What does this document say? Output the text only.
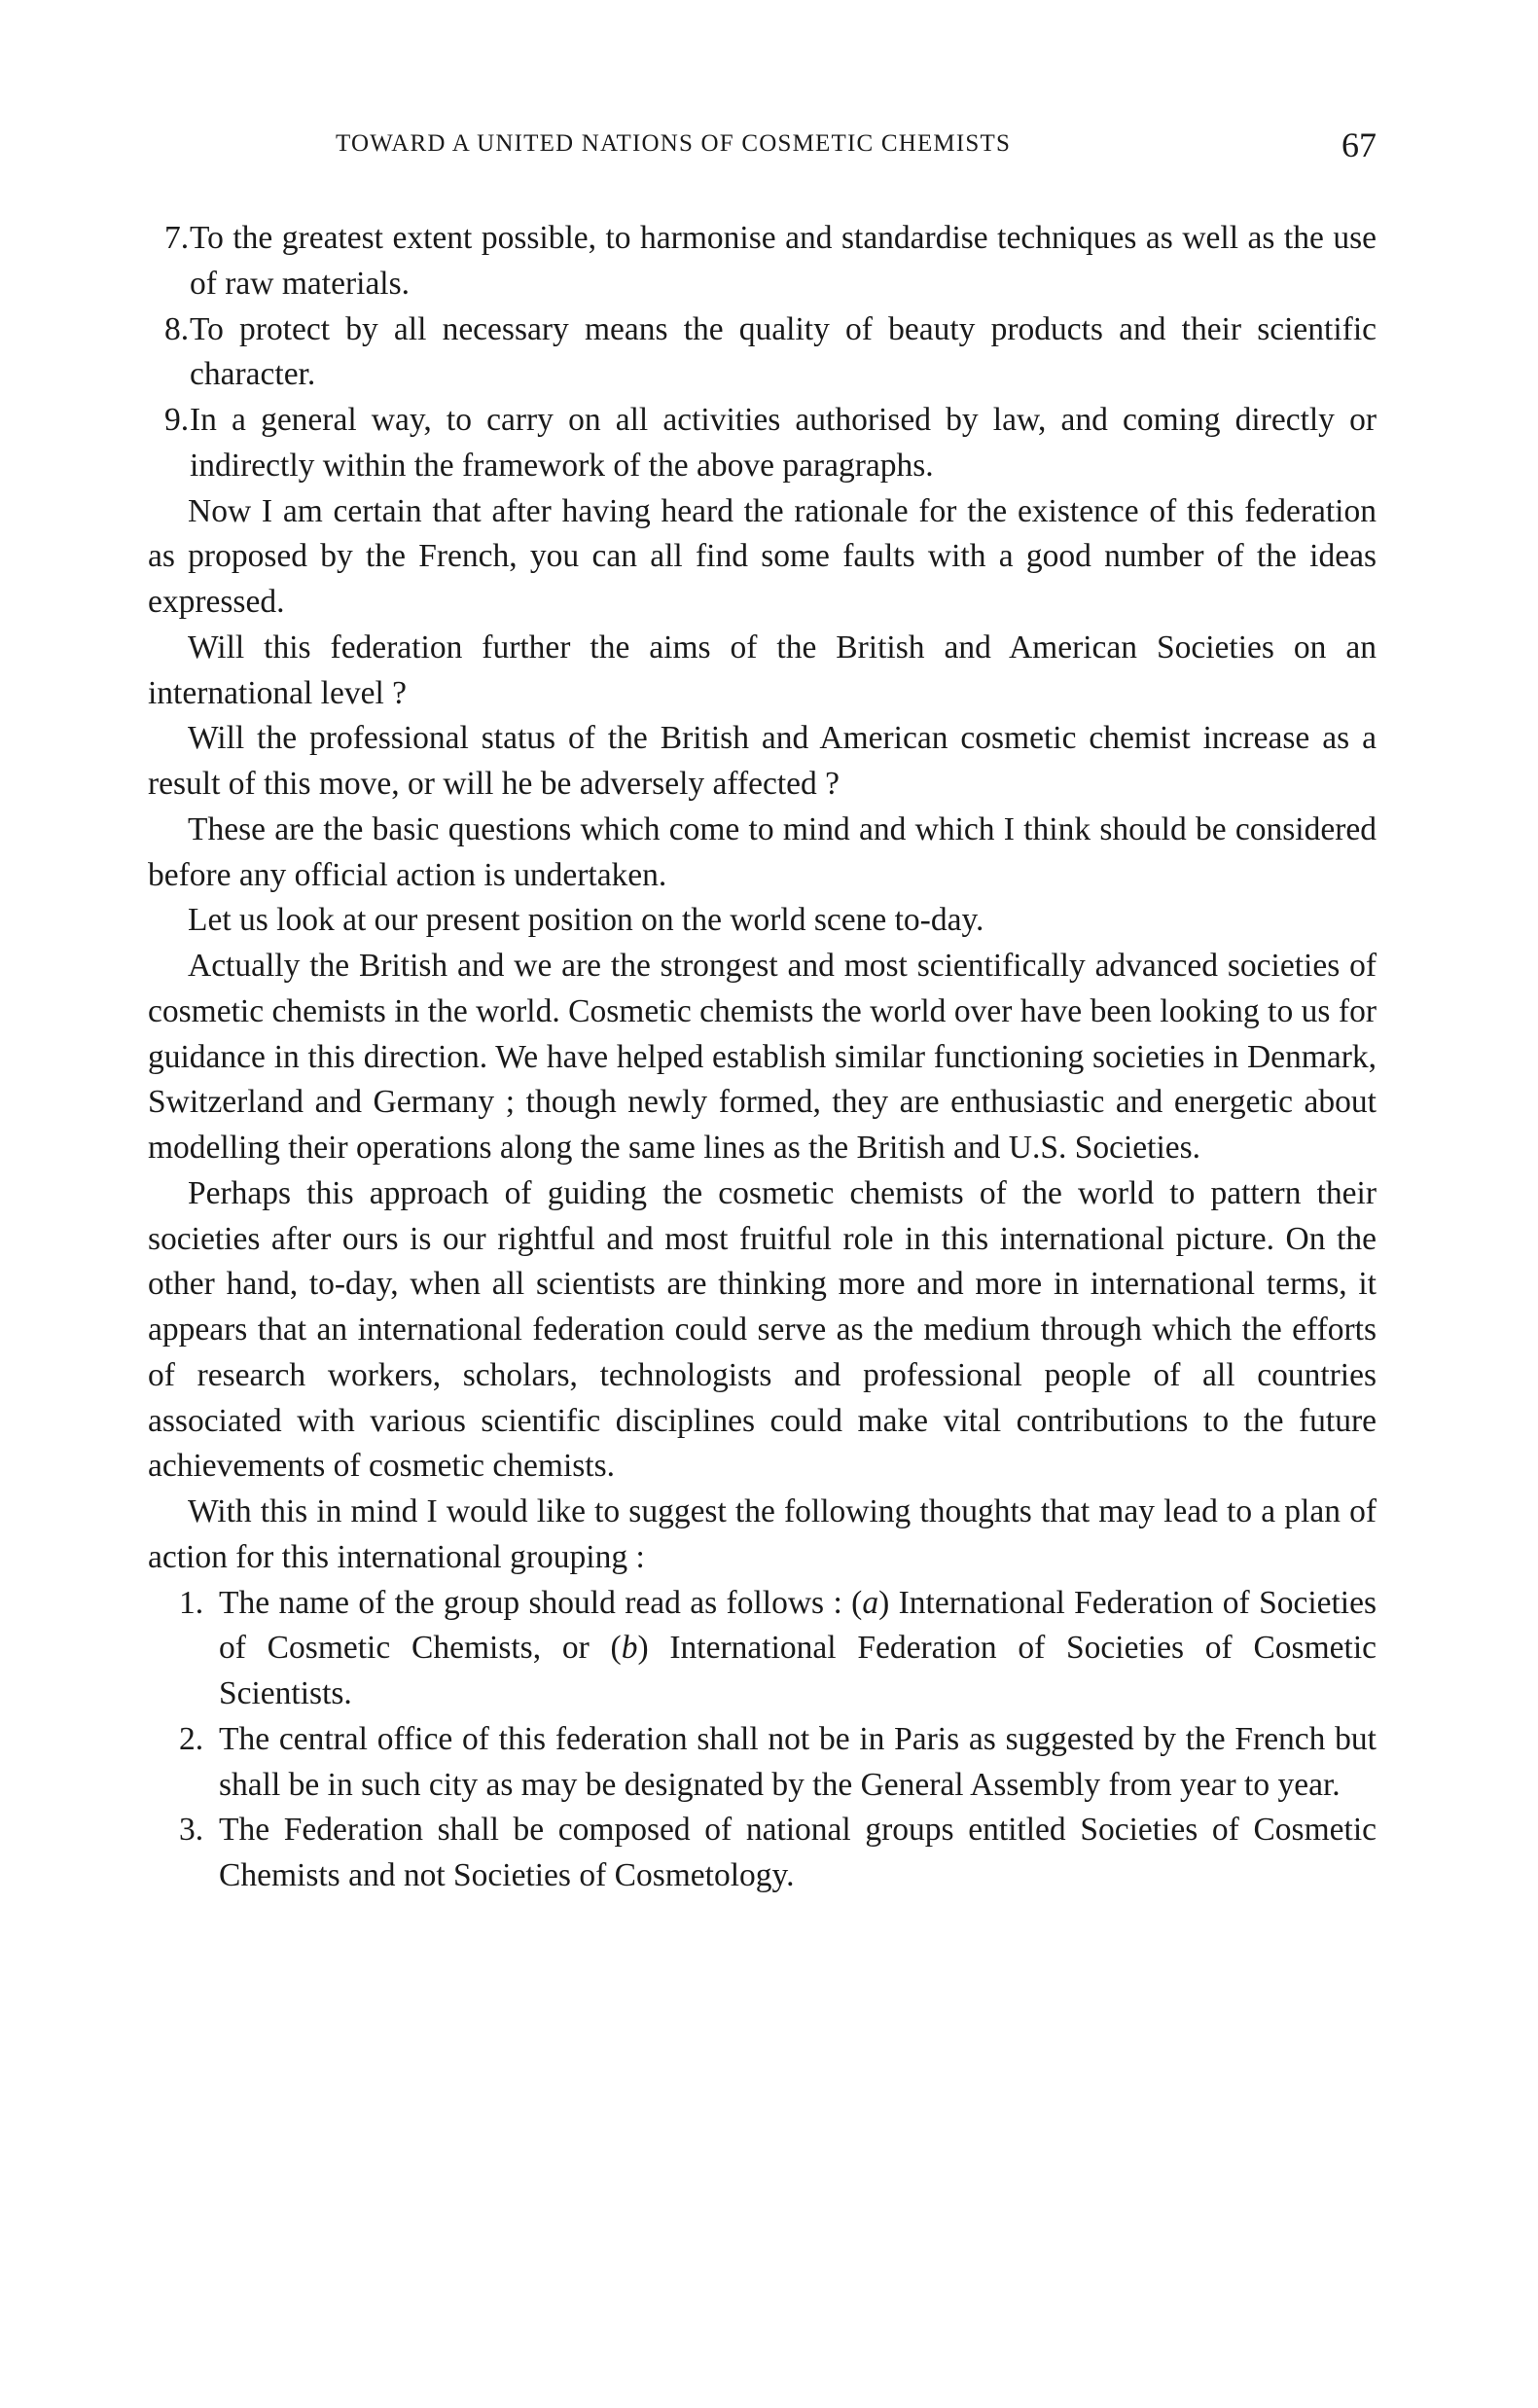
TOWARD A UNITED NATIONS OF COSMETIC CHEMISTS	67
7. To the greatest extent possible, to harmonise and standardise techniques as well as the use of raw materials.
8. To protect by all necessary means the quality of beauty products and their scientific character.
9. In a general way, to carry on all activities authorised by law, and coming directly or indirectly within the framework of the above paragraphs.

Now I am certain that after having heard the rationale for the existence of this federation as proposed by the French, you can all find some faults with a good number of the ideas expressed.

Will this federation further the aims of the British and American Societies on an international level ?

Will the professional status of the British and American cosmetic chemist increase as a result of this move, or will he be adversely affected ?

These are the basic questions which come to mind and which I think should be considered before any official action is undertaken.

Let us look at our present position on the world scene to-day.

Actually the British and we are the strongest and most scientifically advanced societies of cosmetic chemists in the world. Cosmetic chemists the world over have been looking to us for guidance in this direction. We have helped establish similar functioning societies in Denmark, Switzerland and Germany ; though newly formed, they are enthusiastic and energetic about modelling their operations along the same lines as the British and U.S. Societies.

Perhaps this approach of guiding the cosmetic chemists of the world to pattern their societies after ours is our rightful and most fruitful role in this international picture. On the other hand, to-day, when all scientists are thinking more and more in international terms, it appears that an international federation could serve as the medium through which the efforts of research workers, scholars, technologists and professional people of all countries associated with various scientific disciplines could make vital contributions to the future achievements of cosmetic chemists.

With this in mind I would like to suggest the following thoughts that may lead to a plan of action for this international grouping :

1. The name of the group should read as follows : (a) International Federation of Societies of Cosmetic Chemists, or (b) International Federation of Societies of Cosmetic Scientists.
2. The central office of this federation shall not be in Paris as suggested by the French but shall be in such city as may be designated by the General Assembly from year to year.
3. The Federation shall be composed of national groups entitled Societies of Cosmetic Chemists and not Societies of Cosmetology.
